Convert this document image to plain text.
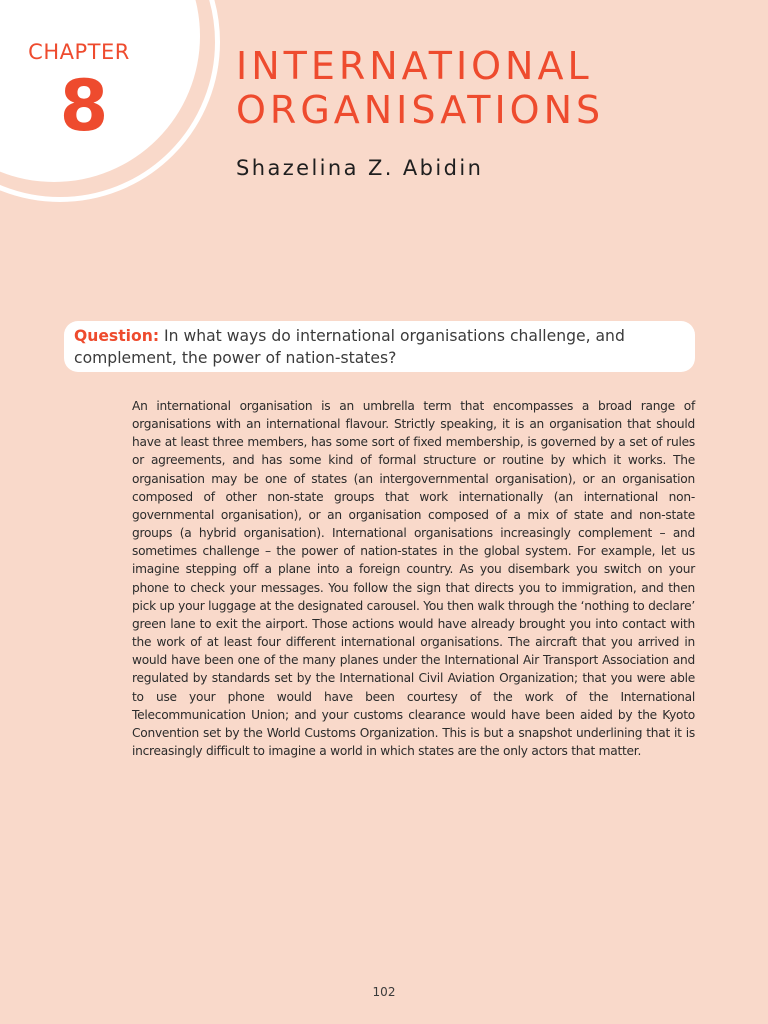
CHAPTER
8	INTERNATIONAL
ORGANISATIONS
Shazelina Z. Abidin
Question: In what ways do international organisations challenge, and complement, the power of nation-states?

An international organisation is an umbrella term that encompasses a broad range of organisations with an international flavour. Strictly speaking, it is an organisation that should have at least three members, has some sort of fixed membership, is governed by a set of rules or agreements, and has some kind of formal structure or routine by which it works. The organisation may be one of states (an intergovernmental organisation), or an organisation composed of other non-state groups that work internationally (an international non-governmental organisation), or an organisation composed of a mix of state and non-state groups (a hybrid organisation). International organisations increasingly complement – and sometimes challenge – the power of nation-states in the global system. For example, let us imagine stepping off a plane into a foreign country. As you disembark you switch on your phone to check your messages. You follow the sign that directs you to immigration, and then pick up your luggage at the designated carousel. You then walk through the ‘nothing to declare’ green lane to exit the airport. Those actions would have already brought you into contact with the work of at least four different international organisations. The aircraft that you arrived in would have been one of the many planes under the International Air Transport Association and regulated by standards set by the International Civil Aviation Organization; that you were able to use your phone would have been courtesy of the work of the International Telecommunication Union; and your customs clearance would have been aided by the Kyoto Convention set by the World Customs Organization. This is but a snapshot underlining that it is increasingly difficult to imagine a world in which states are the only actors that matter.

102
